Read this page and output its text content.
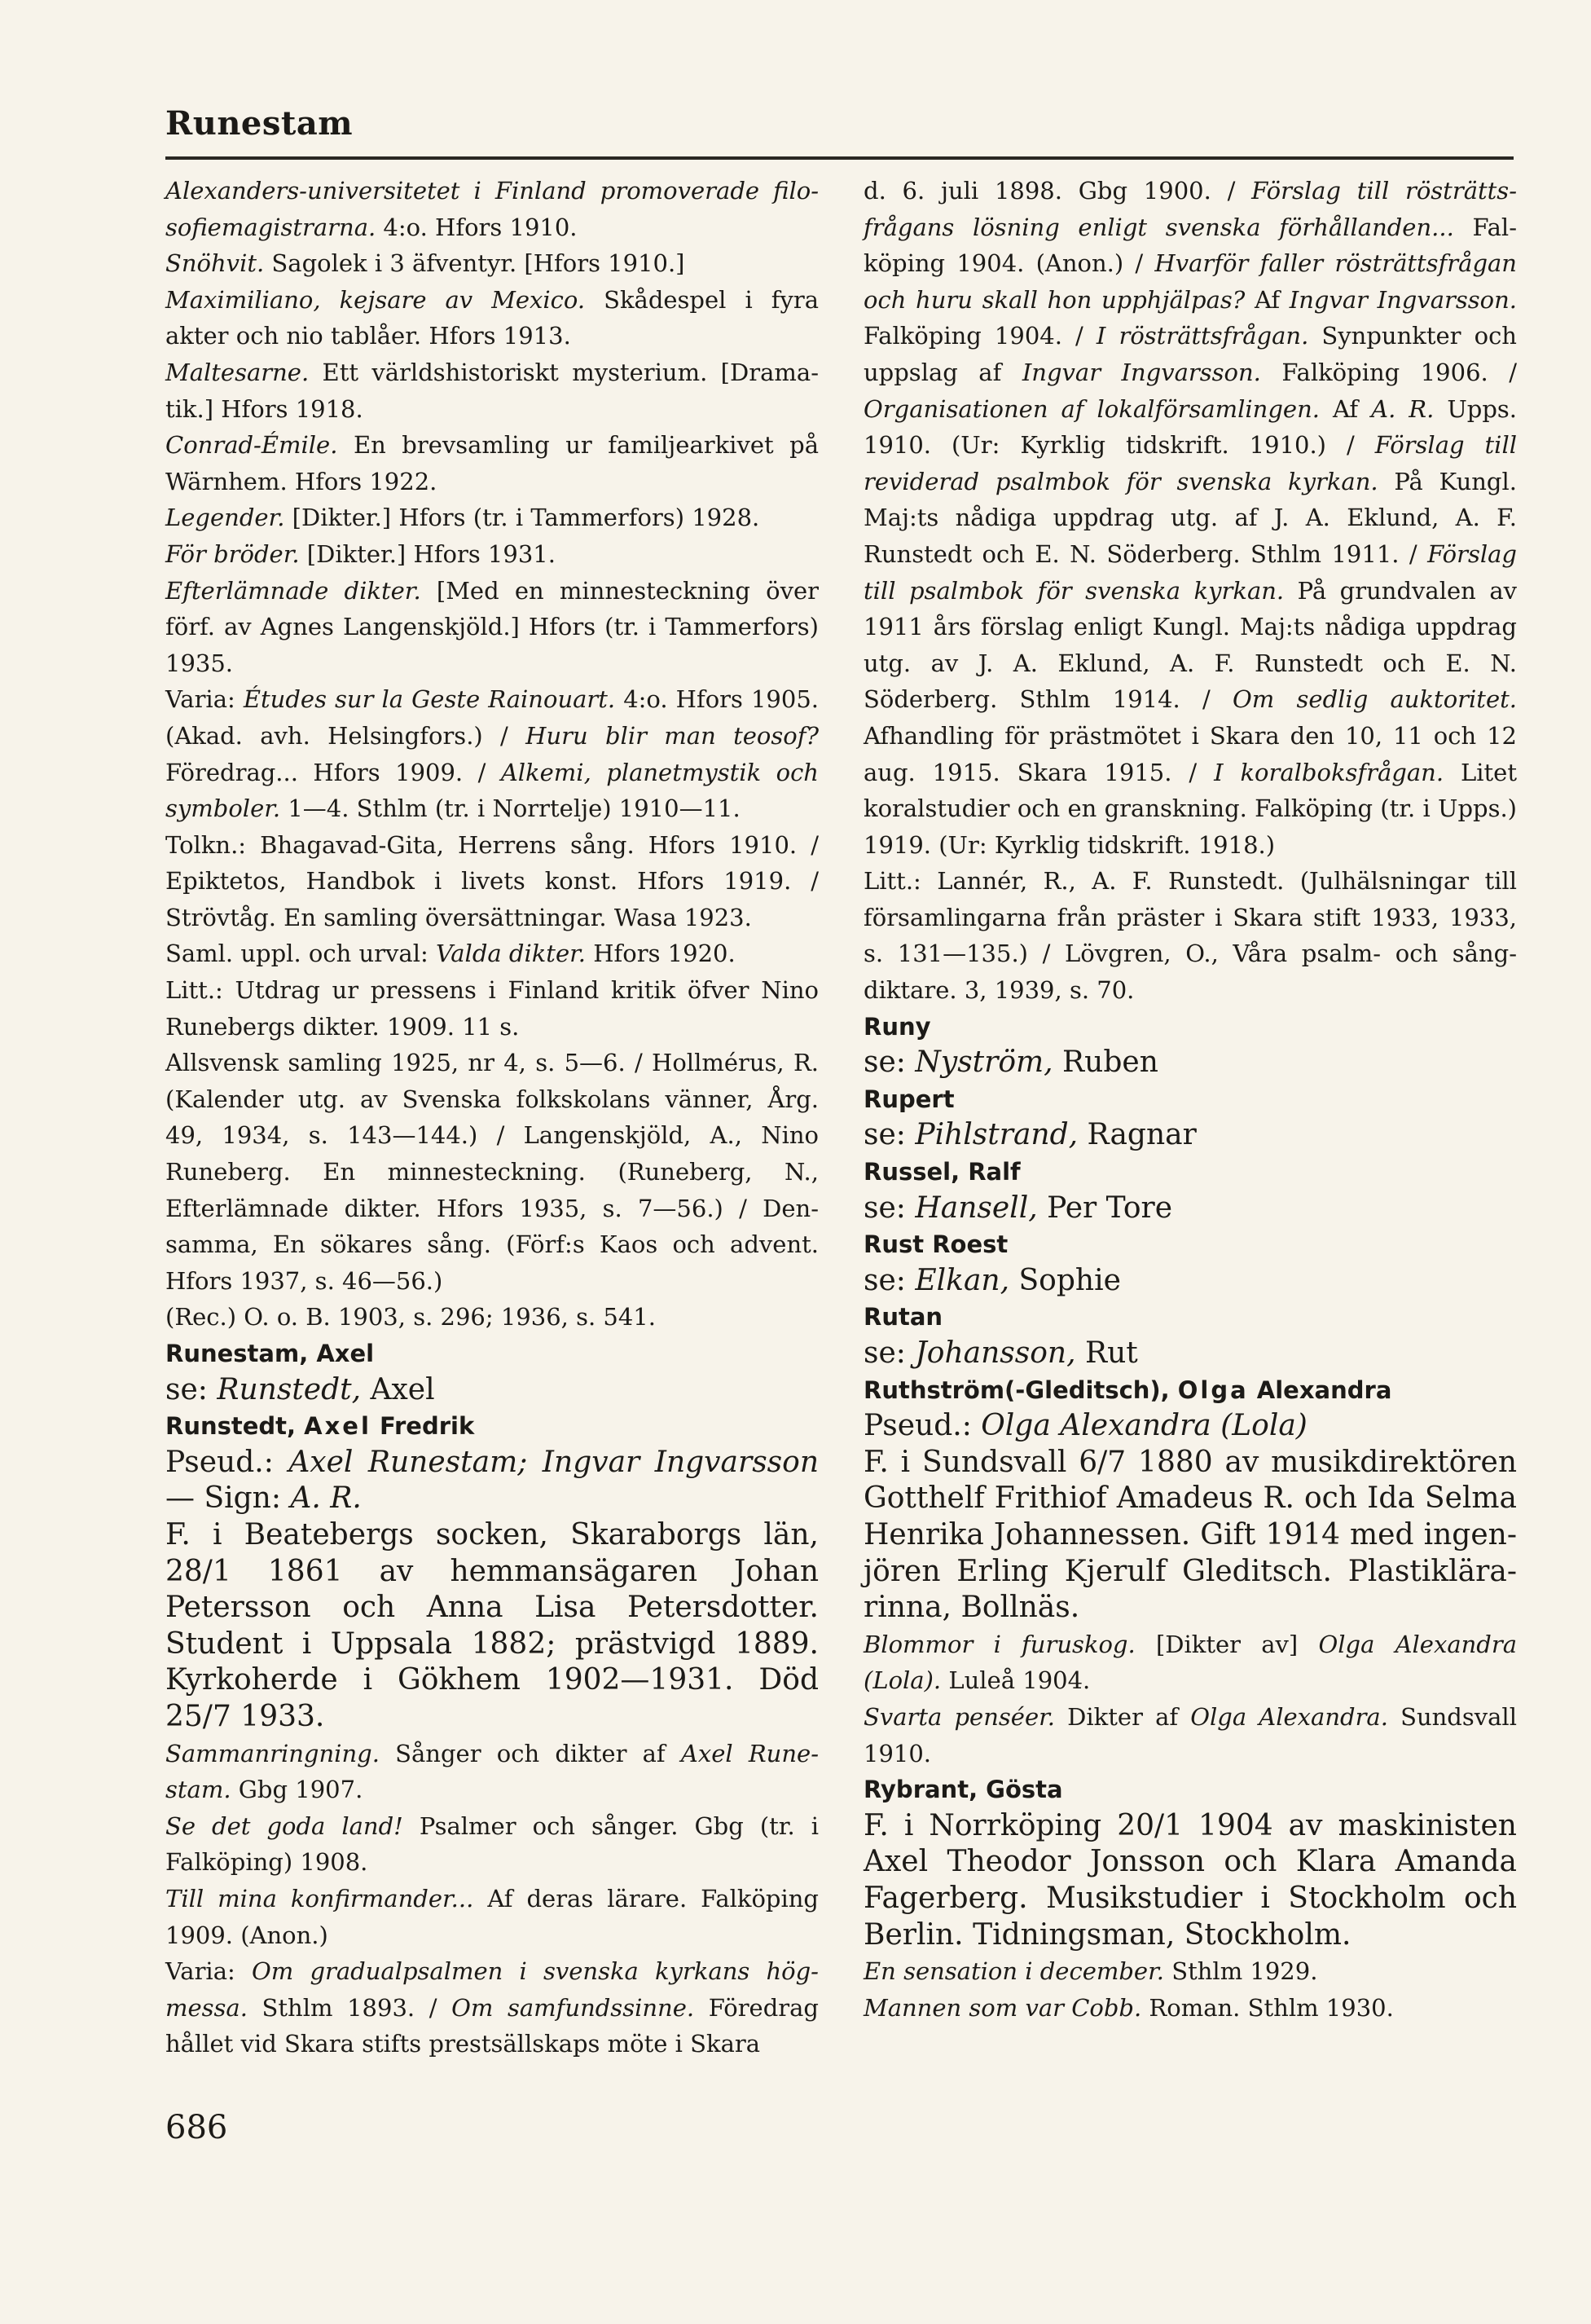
Runestam

Alexanders-universitetet i Finland promoverade filosofiemagistrarna. 4:o. Hfors 1910.

Snöhvit. Sagolek i 3 äfventyr. [Hfors 1910.]

Maximiliano, kejsare av Mexico. Skådespel i fyra akter och nio tablåer. Hfors 1913.

Maltesarne. Ett världshistoriskt mysterium. [Dramatik.] Hfors 1918.

Conrad-Émile. En brevsamling ur familjearkivet på Wärnhem. Hfors 1922.

Legender. [Dikter.] Hfors (tr. i Tammerfors) 1928.

För bröder. [Dikter.] Hfors 1931.

Efterlämnade dikter. [Med en minnesteckning över förf. av Agnes Langenskjöld.] Hfors (tr. i Tammerfors) 1935.

Varia: Études sur la Geste Rainouart. 4:o. Hfors 1905. (Akad. avh. Helsingfors.) / Huru blir man teosof? Föredrag... Hfors 1909. / Alkemi, planetmystik och symboler. 1—4. Sthlm (tr. i Norrtelje) 1910—11.

Tolkn.: Bhagavad-Gita, Herrens sång. Hfors 1910. / Epiktetos, Handbok i livets konst. Hfors 1919. / Strövtåg. En samling översättningar. Wasa 1923.

Saml. uppl. och urval: Valda dikter. Hfors 1920.

Litt.: Utdrag ur pressens i Finland kritik öfver Nino Runebergs dikter. 1909. 11 s.

Allsvensk samling 1925, nr 4, s. 5—6. / Hollmérus, R. (Kalender utg. av Svenska folkskolans vänner, Årg. 49, 1934, s. 143—144.) / Langenskjöld, A., Nino Runeberg. En minnesteckning. (Runeberg, N., Efterlämnade dikter. Hfors 1935, s. 7—56.) / Densamma, En sökares sång. (Förf:s Kaos och advent. Hfors 1937, s. 46—56.)

(Rec.) O. o. B. 1903, s. 296; 1936, s. 541.

Runestam, Axel

se: Runstedt, Axel

Runstedt, Axel Fredrik

Pseud.: Axel Runestam; Ingvar Ingvarsson — Sign: A. R.

F. i Beatebergs socken, Skaraborgs län, 28/1 1861 av hemmansägaren Johan Petersson och Anna Lisa Petersdotter. Student i Uppsala 1882; prästvigd 1889. Kyrkoherde i Gökhem 1902—1931. Död 25/7 1933.

Sammanringning. Sånger och dikter af Axel Runestam. Gbg 1907.

Se det goda land! Psalmer och sånger. Gbg (tr. i Falköping) 1908.

Till mina konfirmander... Af deras lärare. Falköping 1909. (Anon.)

Varia: Om gradualpsalmen i svenska kyrkans högmessa. Sthlm 1893. / Om samfundssinne. Föredrag hållet vid Skara stifts prestsällskaps möte i Skara

d. 6. juli 1898. Gbg 1900. / Förslag till rösträttsfrågans lösning enligt svenska förhållanden... Falköping 1904. (Anon.) / Hvarför faller rösträttsfrågan och huru skall hon upphjälpas? Af Ingvar Ingvarsson. Falköping 1904. / I rösträttsfrågan. Synpunkter och uppslag af Ingvar Ingvarsson. Falköping 1906. / Organisationen af lokalförsamlingen. Af A. R. Upps. 1910. (Ur: Kyrklig tidskrift. 1910.) / Förslag till reviderad psalmbok för svenska kyrkan. På Kungl. Maj:ts nådiga uppdrag utg. af J. A. Eklund, A. F. Runstedt och E. N. Söderberg. Sthlm 1911. / Förslag till psalmbok för svenska kyrkan. På grundvalen av 1911 års förslag enligt Kungl. Maj:ts nådiga uppdrag utg. av J. A. Eklund, A. F. Runstedt och E. N. Söderberg. Sthlm 1914. / Om sedlig auktoritet. Afhandling för prästmötet i Skara den 10, 11 och 12 aug. 1915. Skara 1915. / I koralboksfrågan. Litet koralstudier och en granskning. Falköping (tr. i Upps.) 1919. (Ur: Kyrklig tidskrift. 1918.)

Litt.: Lannér, R., A. F. Runstedt. (Julhälsningar till församlingarna från präster i Skara stift 1933, 1933, s. 131—135.) / Lövgren, O., Våra psalm- och sångdiktare. 3, 1939, s. 70.

Runy

se: Nyström, Ruben

Rupert

se: Pihlstrand, Ragnar

Russel, Ralf

se: Hansell, Per Tore

Rust Roest

se: Elkan, Sophie

Rutan

se: Johansson, Rut

Ruthström(-Gleditsch), Olga Alexandra

Pseud.: Olga Alexandra (Lola)

F. i Sundsvall 6/7 1880 av musikdirektören Gotthelf Frithiof Amadeus R. och Ida Selma Henrika Johannessen. Gift 1914 med ingenjören Erling Kjerulf Gleditsch. Plastiklärarinna, Bollnäs.

Blommor i furuskog. [Dikter av] Olga Alexandra (Lola). Luleå 1904.

Svarta penséer. Dikter af Olga Alexandra. Sundsvall 1910.

Rybrant, Gösta

F. i Norrköping 20/1 1904 av maskinisten Axel Theodor Jonsson och Klara Amanda Fagerberg. Musikstudier i Stockholm och Berlin. Tidningsman, Stockholm.

En sensation i december. Sthlm 1929.

Mannen som var Cobb. Roman. Sthlm 1930.

686
